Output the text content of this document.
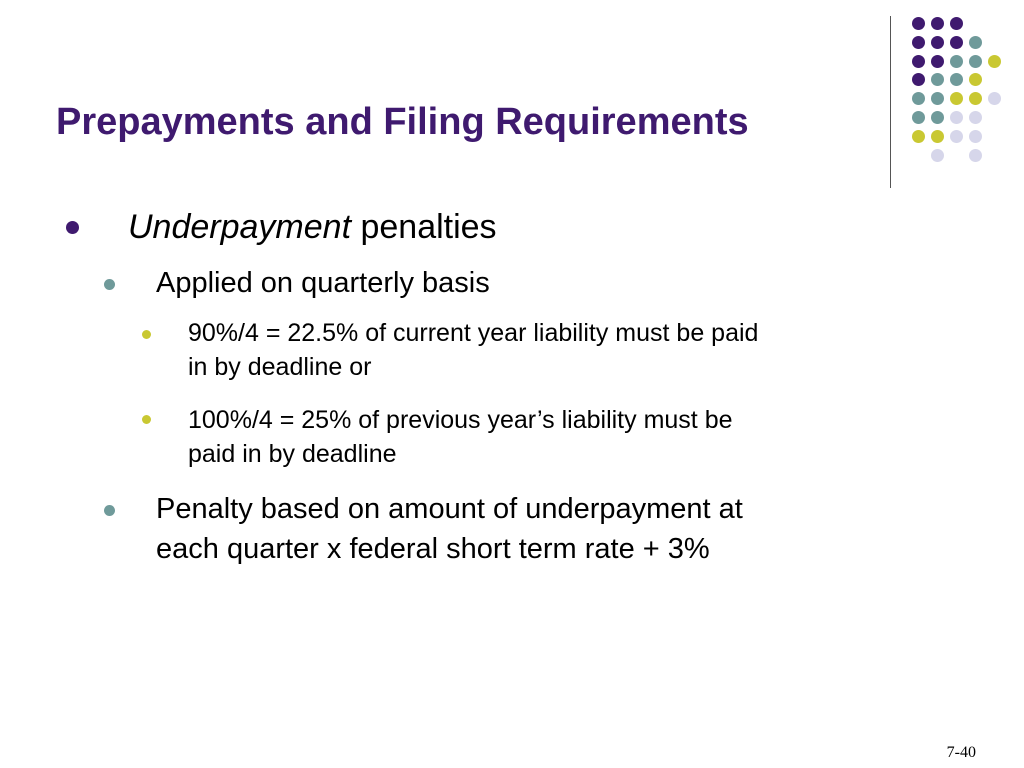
Prepayments and Filing Requirements
Underpayment penalties
Applied on quarterly basis
90%/4 = 22.5% of current year liability must be paid
in by deadline or
100%/4 = 25% of previous year’s liability must be
paid in by deadline
Penalty based on amount of underpayment at
each quarter x federal short term rate + 3%
7-40
